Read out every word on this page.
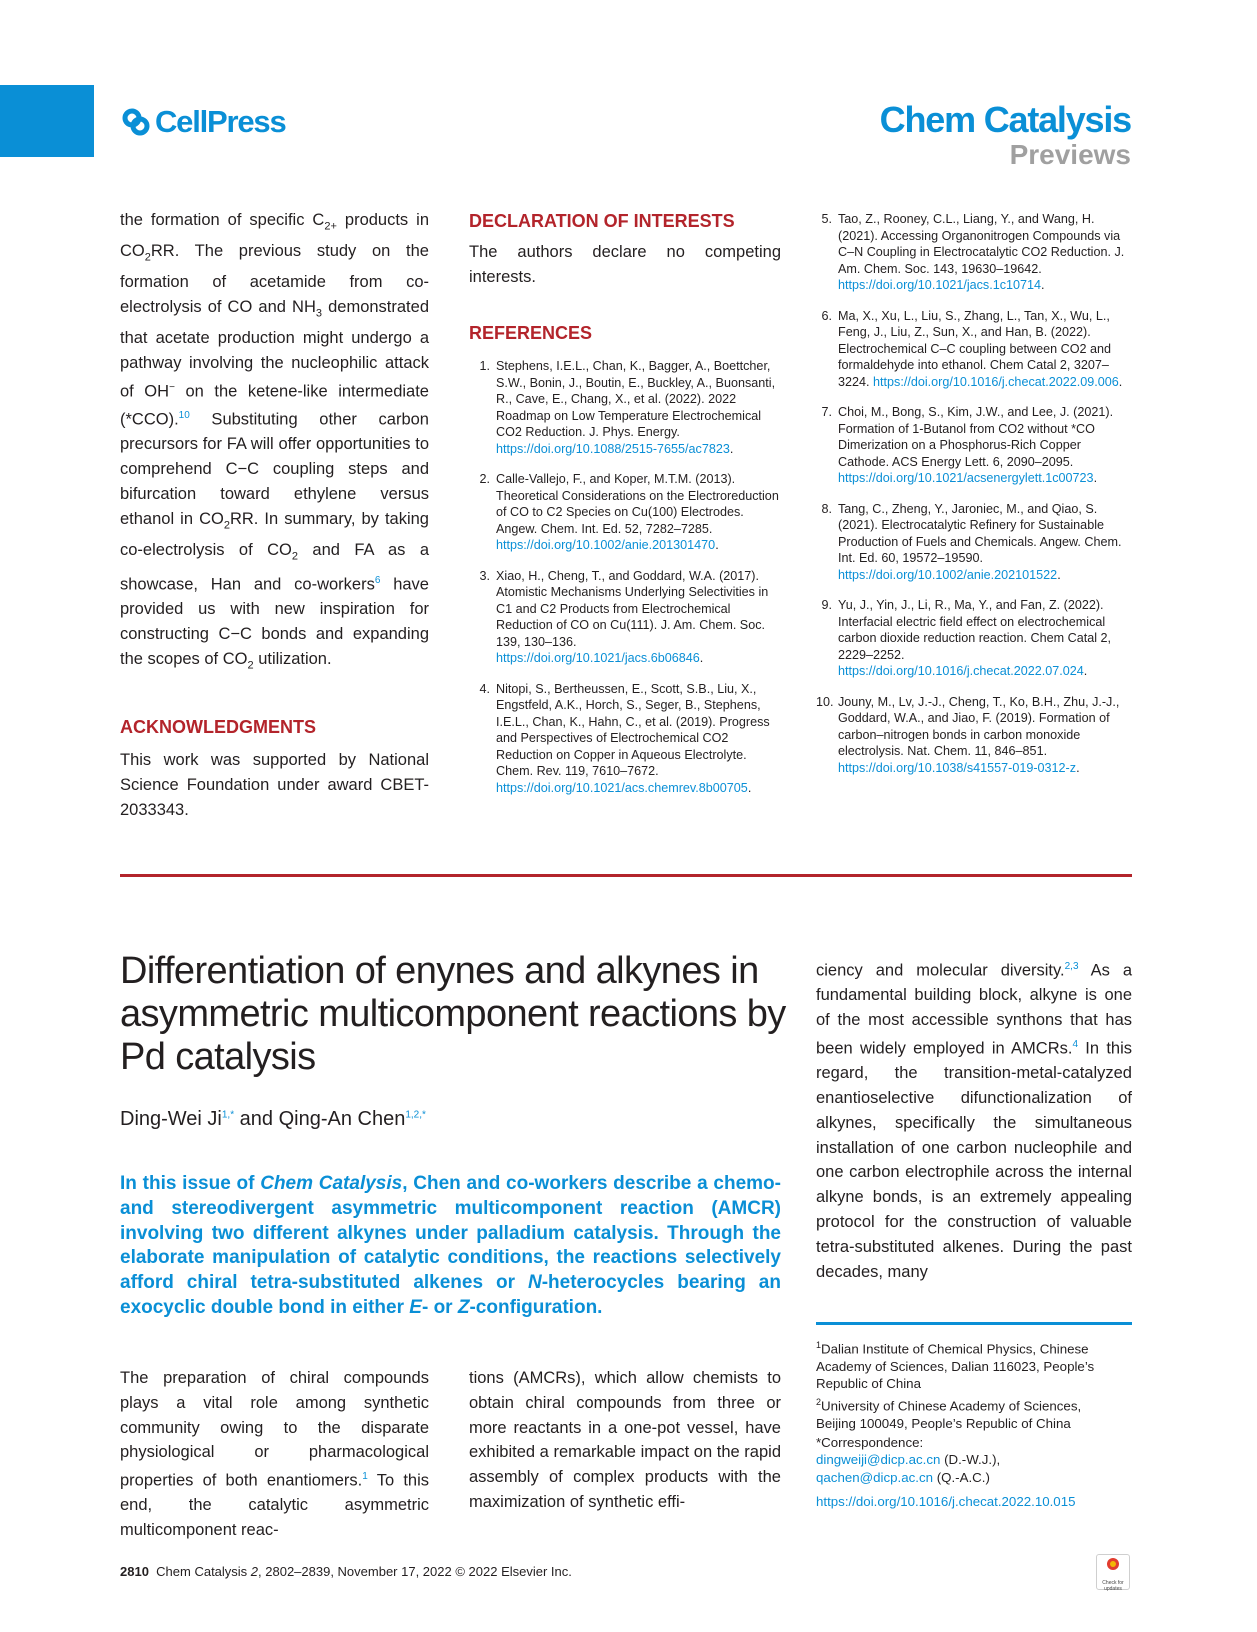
CellPress	Chem Catalysis
Previews
the formation of specific $C_{2+}$ products in $CO_2RR$. The previous study on the formation of acetamide from co-electrolysis of CO and $NH_3$ demonstrated that acetate production might undergo a pathway involving the nucleophilic attack of OH− on the ketene-like intermediate (*CCO).$^{10}$ Substituting other carbon precursors for FA will offer opportunities to comprehend C−C coupling steps and bifurcation toward ethylene versus ethanol in $CO_2RR$. In summary, by taking co-electrolysis of $CO_2$ and FA as a showcase, Han and co-workers$^6$ have provided us with new inspiration for constructing C−C bonds and expanding the scopes of $CO_2$ utilization.
ACKNOWLEDGMENTS
This work was supported by National Science Foundation under award CBET-2033343.
DECLARATION OF INTERESTS
The authors declare no competing interests.
REFERENCES
1. Stephens, I.E.L., Chan, K., Bagger, A., Boettcher, S.W., Bonin, J., Boutin, E., Buckley, A., Buonsanti, R., Cave, E., Chang, X., et al. (2022). 2022 Roadmap on Low Temperature Electrochemical CO2 Reduction. J. Phys. Energy. https://doi.org/10.1088/2515-7655/ac7823.
2. Calle-Vallejo, F., and Koper, M.T.M. (2013). Theoretical Considerations on the Electroreduction of CO to C2 Species on Cu(100) Electrodes. Angew. Chem. Int. Ed. 52, 7282–7285. https://doi.org/10.1002/anie.201301470.
3. Xiao, H., Cheng, T., and Goddard, W.A. (2017). Atomistic Mechanisms Underlying Selectivities in C1 and C2 Products from Electrochemical Reduction of CO on Cu(111). J. Am. Chem. Soc. 139, 130–136. https://doi.org/10.1021/jacs.6b06846.
4. Nitopi, S., Bertheussen, E., Scott, S.B., Liu, X., Engstfeld, A.K., Horch, S., Seger, B., Stephens, I.E.L., Chan, K., Hahn, C., et al. (2019). Progress and Perspectives of Electrochemical CO2 Reduction on Copper in Aqueous Electrolyte. Chem. Rev. 119, 7610–7672. https://doi.org/10.1021/acs.chemrev.8b00705.
5. Tao, Z., Rooney, C.L., Liang, Y., and Wang, H. (2021). Accessing Organonitrogen Compounds via C–N Coupling in Electrocatalytic CO2 Reduction. J. Am. Chem. Soc. 143, 19630–19642. https://doi.org/10.1021/jacs.1c10714.
6. Ma, X., Xu, L., Liu, S., Zhang, L., Tan, X., Wu, L., Feng, J., Liu, Z., Sun, X., and Han, B. (2022). Electrochemical C–C coupling between CO2 and formaldehyde into ethanol. Chem Catal 2, 3207–3224. https://doi.org/10.1016/j.checat.2022.09.006.
7. Choi, M., Bong, S., Kim, J.W., and Lee, J. (2021). Formation of 1-Butanol from CO2 without *CO Dimerization on a Phosphorus-Rich Copper Cathode. ACS Energy Lett. 6, 2090–2095. https://doi.org/10.1021/acsenergylett.1c00723.
8. Tang, C., Zheng, Y., Jaroniec, M., and Qiao, S. (2021). Electrocatalytic Refinery for Sustainable Production of Fuels and Chemicals. Angew. Chem. Int. Ed. 60, 19572–19590. https://doi.org/10.1002/anie.202101522.
9. Yu, J., Yin, J., Li, R., Ma, Y., and Fan, Z. (2022). Interfacial electric field effect on electrochemical carbon dioxide reduction reaction. Chem Catal 2, 2229–2252. https://doi.org/10.1016/j.checat.2022.07.024.
10. Jouny, M., Lv, J.-J., Cheng, T., Ko, B.H., Zhu, J.-J., Goddard, W.A., and Jiao, F. (2019). Formation of carbon–nitrogen bonds in carbon monoxide electrolysis. Nat. Chem. 11, 846–851. https://doi.org/10.1038/s41557-019-0312-z.
Differentiation of enynes and alkynes in asymmetric multicomponent reactions by Pd catalysis
Ding-Wei $Ji^{1,*}$ and Qing-An Chen$^{1,2,*}$
In this issue of Chem Catalysis, Chen and co-workers describe a chemo- and stereodivergent asymmetric multicomponent reaction (AMCR) involving two different alkynes under palladium catalysis. Through the elaborate manipulation of catalytic conditions, the reactions selectively afford chiral tetra-substituted alkenes or N-heterocycles bearing an exocyclic double bond in either E- or Z-configuration.
The preparation of chiral compounds plays a vital role among synthetic community owing to the disparate physiological or pharmacological properties of both enantiomers.$^1$ To this end, the catalytic asymmetric multicomponent reac-
tions (AMCRs), which allow chemists to obtain chiral compounds from three or more reactants in a one-pot vessel, have exhibited a remarkable impact on the rapid assembly of complex products with the maximization of synthetic effi-
ciency and molecular diversity.$^{2,3}$ As a fundamental building block, alkyne is one of the most accessible synthons that has been widely employed in AMCRs.$^4$ In this regard, the transition-metal-catalyzed enantioselective difunctionalization of alkynes, specifically the simultaneous installation of one carbon nucleophile and one carbon electrophile across the internal alkyne bonds, is an extremely appealing protocol for the construction of valuable tetra-substituted alkenes. During the past decades, many
$^1$Dalian Institute of Chemical Physics, Chinese Academy of Sciences, Dalian 116023, People’s Republic of China
$^2$University of Chinese Academy of Sciences, Beijing 100049, People’s Republic of China
*Correspondence:
dingweiji@dicp.ac.cn (D.-W.J.),
qachen@dicp.ac.cn (Q.-A.C.)
https://doi.org/10.1016/j.checat.2022.10.015
2810 Chem Catalysis 2, 2802–2839, November 17, 2022 © 2022 Elsevier Inc.
Check for updates
